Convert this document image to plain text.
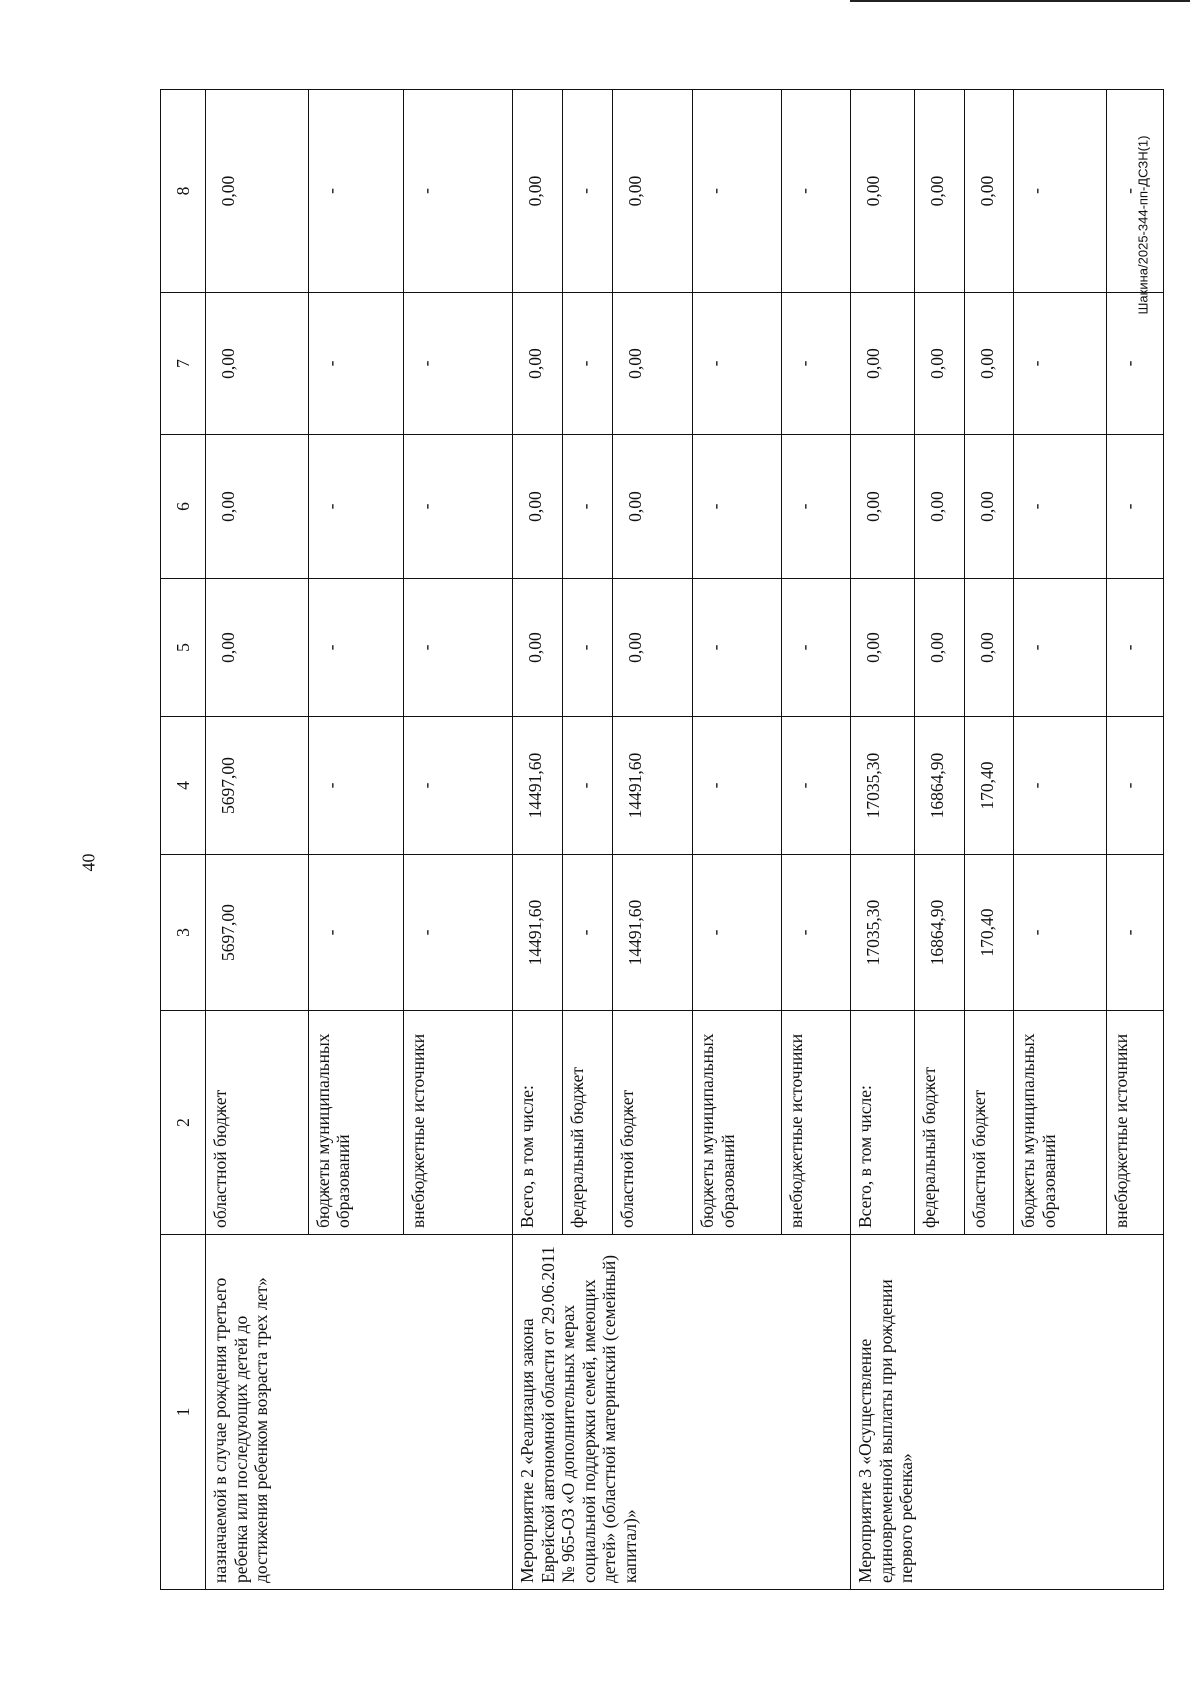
40
Шакина/2025-344-пп-ДСЗН(1)
1	2	3	4	5	6	7	8
назначаемой в случае рождения третьего ребенка или последующих детей до достижения ребенком возраста трех лет»	областной бюджет	5697,00	5697,00	0,00	0,00	0,00	0,00
	бюджеты муниципальных образований	-	-	-	-	-	-
	внебюджетные источники	-	-	-	-	-	-
Мероприятие 2 «Реализация закона Еврейской автономной области от 29.06.2011 № 965-ОЗ «О дополнительных мерах социальной поддержки семей, имеющих детей» (областной материнский (семейный) капитал)»	Всего, в том числе:	14491,60	14491,60	0,00	0,00	0,00	0,00
	федеральный бюджет	-	-	-	-	-	-
	областной бюджет	14491,60	14491,60	0,00	0,00	0,00	0,00
	бюджеты муниципальных образований	-	-	-	-	-	-
	внебюджетные источники	-	-	-	-	-	-
Мероприятие 3 «Осуществление единовременной выплаты при рождении первого ребенка»	Всего, в том числе:	17035,30	17035,30	0,00	0,00	0,00	0,00
	федеральный бюджет	16864,90	16864,90	0,00	0,00	0,00	0,00
	областной бюджет	170,40	170,40	0,00	0,00	0,00	0,00
	бюджеты муниципальных образований	-	-	-	-	-	-
	внебюджетные источники	-	-	-	-	-	-
